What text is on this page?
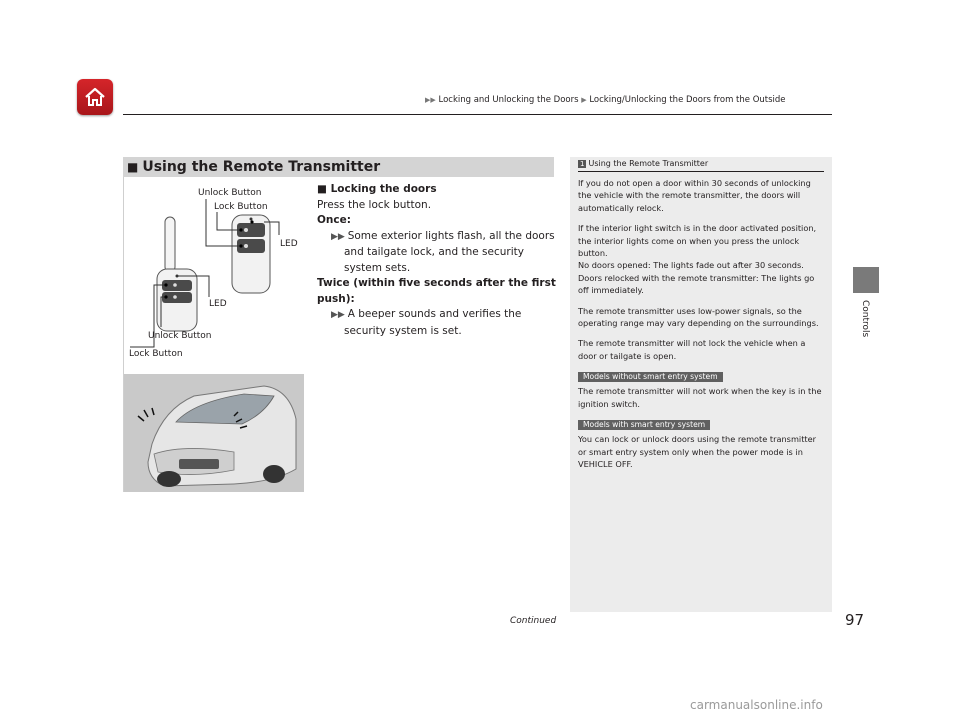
▶▶ Locking and Unlocking the Doors ▶ Locking/Unlocking the Doors from the Outside
Controls
■ Using the Remote Transmitter
Unlock Button
Lock Button
LED
LED
Unlock Button
Lock Button
■ Locking the doors
Press the lock button.
Once:
▶▶ Some exterior lights flash, all the doors and tailgate lock, and the security system sets.
Twice (within five seconds after the first push):
▶▶ A beeper sounds and verifies the security system is set.
1 Using the Remote Transmitter

If you do not open a door within 30 seconds of unlocking the vehicle with the remote transmitter, the doors will automatically relock.

If the interior light switch is in the door activated position, the interior lights come on when you press the unlock button.

No doors opened: The lights fade out after 30 seconds.

Doors relocked with the remote transmitter: The lights go off immediately.

The remote transmitter uses low-power signals, so the operating range may vary depending on the surroundings.

The remote transmitter will not lock the vehicle when a door or tailgate is open.

Models without smart entry system

The remote transmitter will not work when the key is in the ignition switch.

Models with smart entry system

You can lock or unlock doors using the remote transmitter or smart entry system only when the power mode is in VEHICLE OFF.

Continued	97
carmanualsonline.info
